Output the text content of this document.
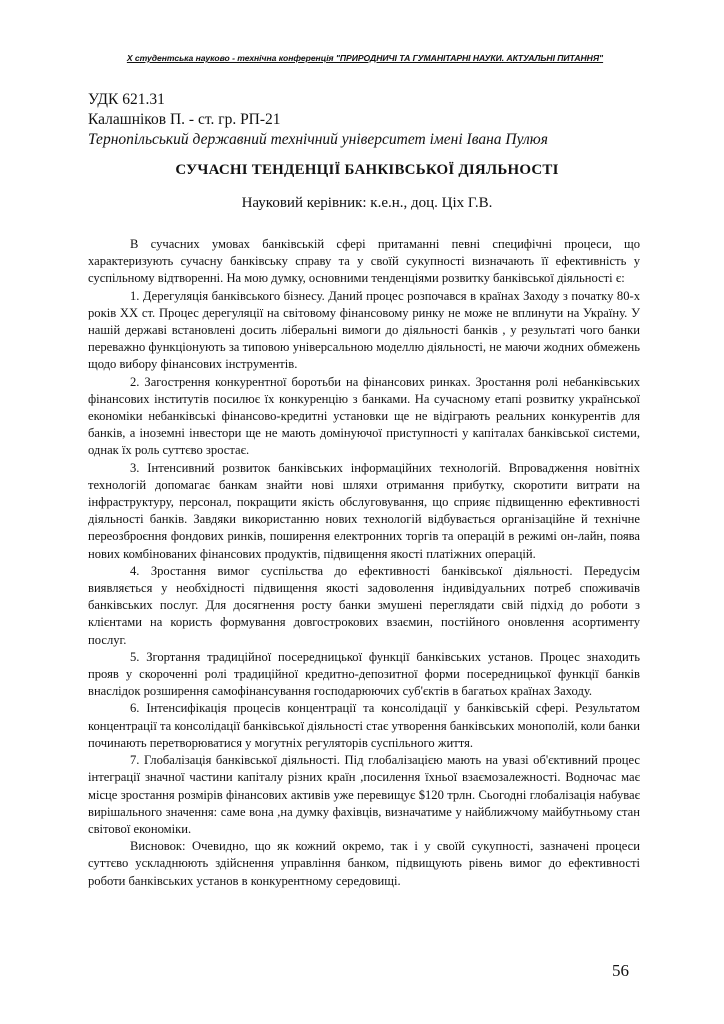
X студентська науково - технічна конференція "ПРИРОДНИЧІ ТА ГУМАНІТАРНІ НАУКИ. АКТУАЛЬНІ ПИТАННЯ"
УДК 621.31
Калашніков П. - ст. гр. РП-21
Тернопільський державний технічний університет імені Івана Пулюя
СУЧАСНІ ТЕНДЕНЦІЇ БАНКІВСЬКОЇ ДІЯЛЬНОСТІ
Науковий керівник: к.е.н., доц. Ціх Г.В.

В сучасних умовах банківській сфері притаманні певні специфічні процеси, що характеризують сучасну банківську справу та у своїй сукупності визначають її ефективність у суспільному відтворенні. На мою думку, основними тенденціями розвитку банківської діяльності є:

1. Дерегуляція банківського бізнесу. Даний процес розпочався в країнах Заходу з початку 80-х років XX ст. Процес дерегуляції на світовому фінансовому ринку не може не вплинути на Україну. У нашій державі встановлені досить ліберальні вимоги до діяльності банків , у результаті чого банки переважно функціонують за типовою універсальною моделлю діяльності, не маючи жодних обмежень щодо вибору фінансових інструментів.

2. Загострення конкурентної боротьби на фінансових ринках. Зростання ролі небанківських фінансових інститутів посилює їх конкуренцію з банками. На сучасному етапі розвитку української економіки небанківські фінансово-кредитні установки ще не відіграють реальних конкурентів для банків, а іноземні інвестори ще не мають домінуючої приступності у капіталах банківської системи, однак їх роль суттєво зростає.

3. Інтенсивний розвиток банківських інформаційних технологій. Впровадження новітніх технологій допомагає банкам знайти нові шляхи отримання прибутку, скоротити витрати на інфраструктуру, персонал, покращити якість обслуговування, що сприяє підвищенню ефективності діяльності банків. Завдяки використанню нових технологій відбувається організаційне й технічне переозброєння фондових ринків, поширення електронних торгів та операцій в режимі он-лайн, поява нових комбінованих фінансових продуктів, підвищення якості платіжних операцій.

4. Зростання вимог суспільства до ефективності банківської діяльності. Передусім виявляється у необхідності підвищення якості задоволення індивідуальних потреб споживачів банківських послуг. Для досягнення росту банки змушені переглядати свій підхід до роботи з клієнтами на користь формування довгострокових взаємин, постійного оновлення асортименту послуг.

5. Згортання традиційної посередницької функції банківських установ. Процес знаходить прояв у скороченні ролі традиційної кредитно-депозитної форми посередницької функції банків внаслідок розширення самофінансування господарюючих суб'єктів в багатьох країнах Заходу.

6. Інтенсифікація процесів концентрації та консолідації у банківській сфері. Результатом концентрації та консолідації банківської діяльності стає утворення банківських монополій, коли банки починають перетворюватися у могутніх регуляторів суспільного життя.

7. Глобалізація банківської діяльності. Під глобалізацією мають на увазі об'єктивний процес інтеграції значної частини капіталу різних країн ,посилення їхньої взаємозалежності. Водночас має місце зростання розмірів фінансових активів уже перевищує $120 трлн. Сьогодні глобалізація набуває вирішального значення: саме вона ,на думку фахівців, визначатиме у найближчому майбутньому стан світової економіки.

Висновок: Очевидно, що як кожний окремо, так і у своїй сукупності, зазначені процеси суттєво ускладнюють здійснення управління банком, підвищують рівень вимог до ефективності роботи банківських установ в конкурентному середовищі.

56
